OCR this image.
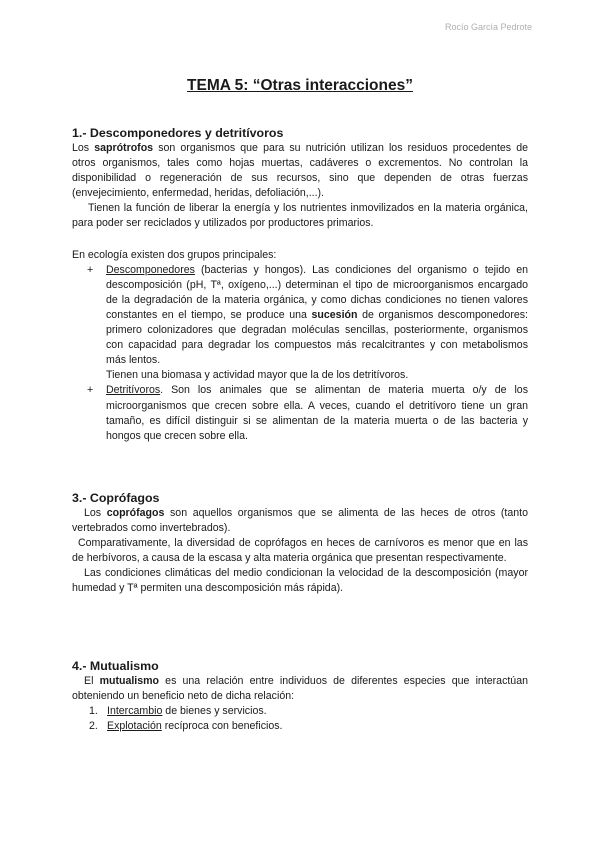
Rocío García Pedrote
TEMA 5: “Otras interacciones”
1.- Descomponedores y detritívoros

Los saprótrofos son organismos que para su nutrición utilizan los residuos procedentes de otros organismos, tales como hojas muertas, cadáveres o excrementos. No controlan la disponibilidad o regeneración de sus recursos, sino que dependen de otras fuerzas (envejecimiento, enfermedad, heridas, defoliación,...).

Tienen la función de liberar la energía y los nutrientes inmovilizados en la materia orgánica, para poder ser reciclados y utilizados por productores primarios.

En ecología existen dos grupos principales:

+ Descomponedores (bacterias y hongos). Las condiciones del organismo o tejido en descomposición (pH, Tª, oxígeno,...) determinan el tipo de microorganismos encargado de la degradación de la materia orgánica, y como dichas condiciones no tienen valores constantes en el tiempo, se produce una sucesión de organismos descomponedores: primero colonizadores que degradan moléculas sencillas, posteriormente, organismos con capacidad para degradar los compuestos más recalcitrantes y con metabolismos más lentos.
Tienen una biomasa y actividad mayor que la de los detritívoros.
+ Detritívoros. Son los animales que se alimentan de materia muerta o/y de los microorganismos que crecen sobre ella. A veces, cuando el detritívoro tiene un gran tamaño, es difícil distinguir si se alimentan de la materia muerta o de las bacteria y hongos que crecen sobre ella.
3.- Coprófagos

Los coprófagos son aquellos organismos que se alimenta de las heces de otros (tanto vertebrados como invertebrados).

Comparativamente, la diversidad de coprófagos en heces de carnívoros es menor que en las de herbívoros, a causa de la escasa y alta materia orgánica que presentan respectivamente.

Las condiciones climáticas del medio condicionan la velocidad de la descomposición (mayor humedad y Tª permiten una descomposición más rápida).

4.- Mutualismo

El mutualismo es una relación entre individuos de diferentes especies que interactúan obteniendo un beneficio neto de dicha relación:

1. Intercambio de bienes y servicios.
2. Explotación recíproca con beneficios.
